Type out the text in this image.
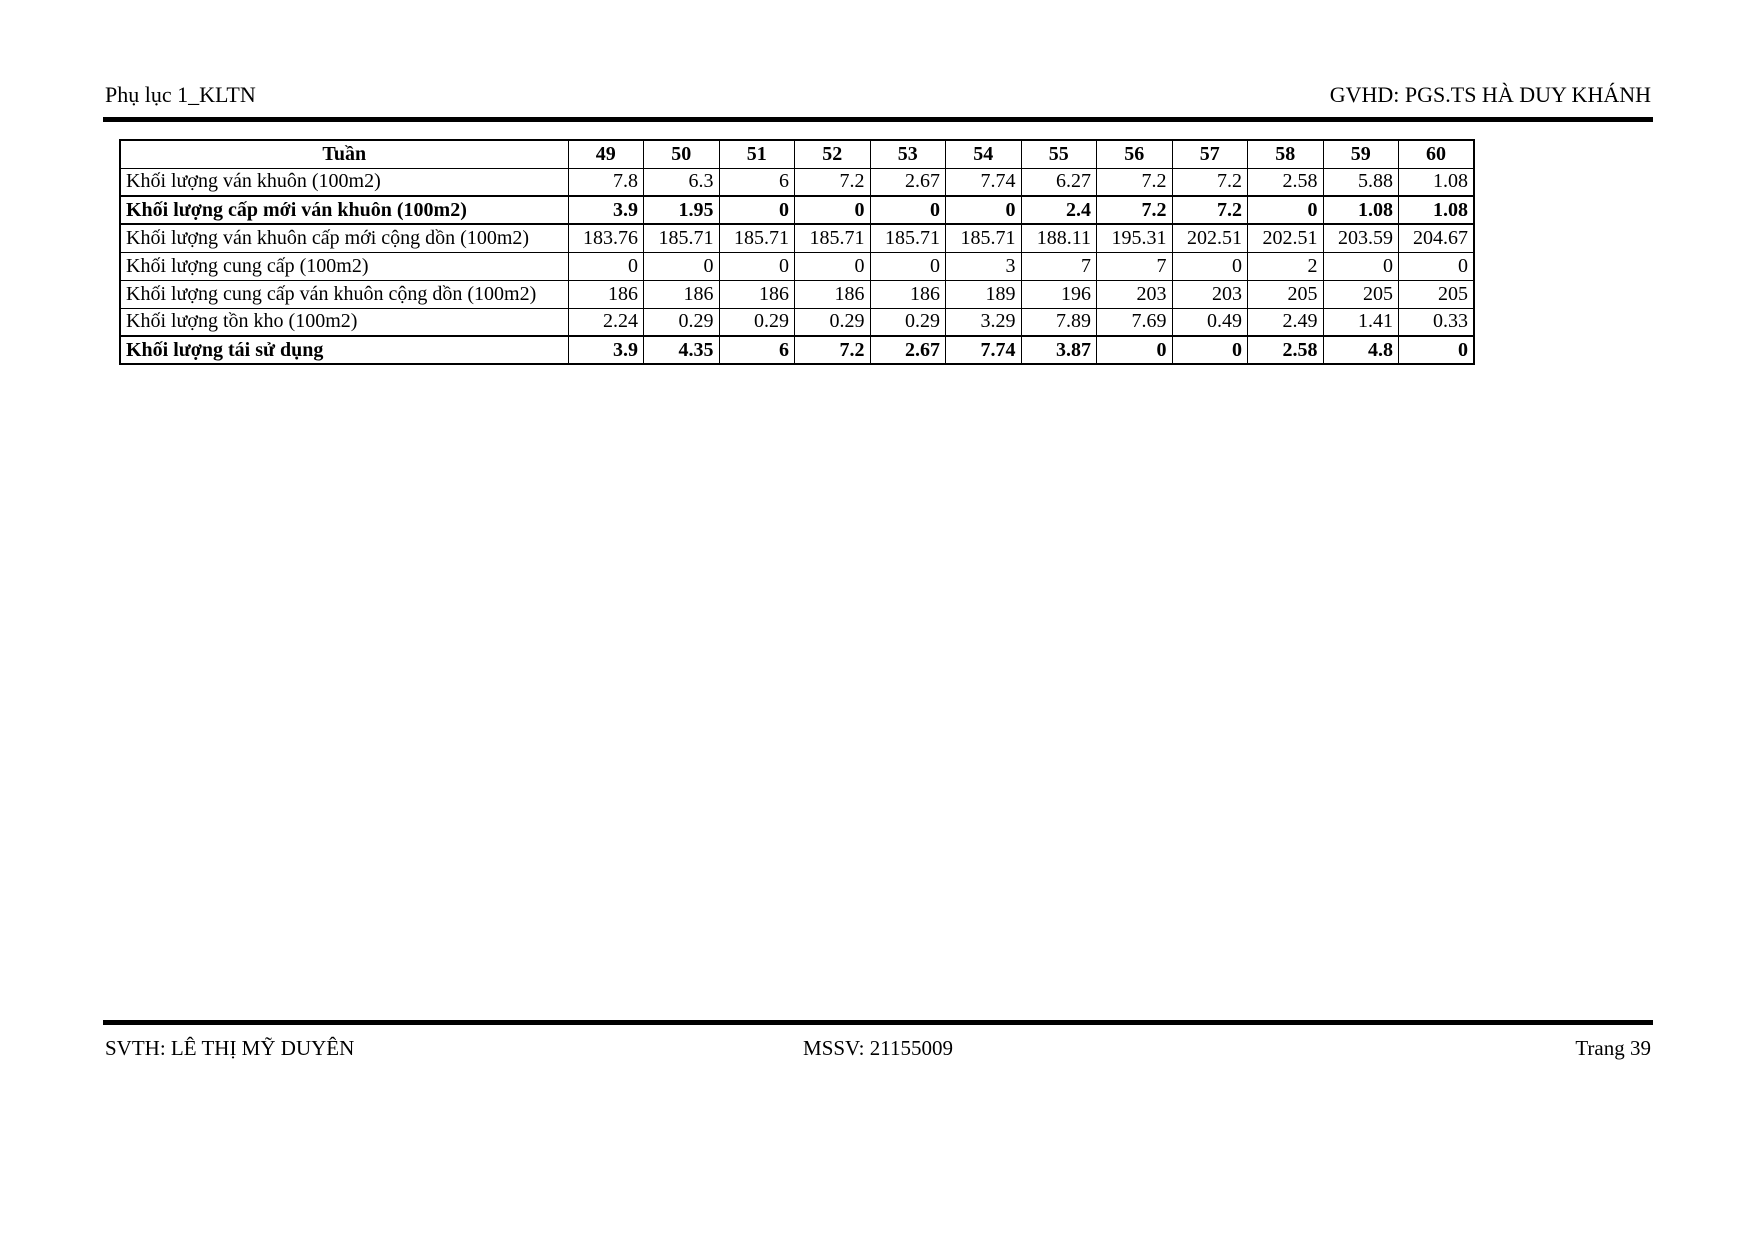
Phụ lục 1_KLTN	GVHD: PGS.TS HÀ DUY KHÁNH
Tuần	49	50	51	52	53	54	55	56	57	58	59	60
Khối lượng ván khuôn (100m2)	7.8	6.3	6	7.2	2.67	7.74	6.27	7.2	7.2	2.58	5.88	1.08
Khối lượng cấp mới ván khuôn (100m2)	3.9	1.95	0	0	0	0	2.4	7.2	7.2	0	1.08	1.08
Khối lượng ván khuôn cấp mới cộng dồn (100m2)	183.76	185.71	185.71	185.71	185.71	185.71	188.11	195.31	202.51	202.51	203.59	204.67
Khối lượng cung cấp (100m2)	0	0	0	0	0	3	7	7	0	2	0	0
Khối lượng cung cấp ván khuôn cộng dồn (100m2)	186	186	186	186	186	189	196	203	203	205	205	205
Khối lượng tồn kho (100m2)	2.24	0.29	0.29	0.29	0.29	3.29	7.89	7.69	0.49	2.49	1.41	0.33
Khối lượng tái sử dụng	3.9	4.35	6	7.2	2.67	7.74	3.87	0	0	2.58	4.8	0
SVTH: LÊ THỊ MỸ DUYÊN	MSSV: 21155009	Trang 39
